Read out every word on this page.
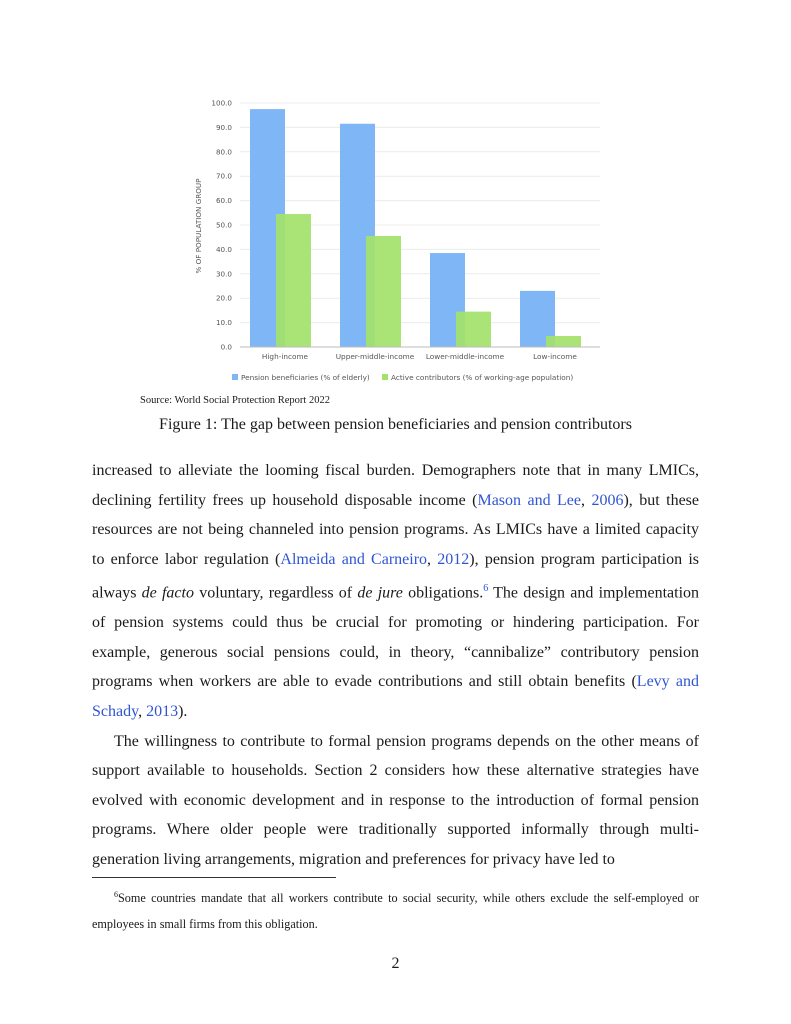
0.0
10.0
20.0
30.0
40.0
50.0
60.0
70.0
80.0
90.0
100.0
% OF POPULATION GROUP
High-income	Upper-middle-income Lower-middle-income	Low-income
Pension beneficiaries (% of elderly)	Active contributors (% of working-age population)
Source: World Social Protection Report 2022
Figure 1: The gap between pension beneficiaries and pension contributors

increased to alleviate the looming fiscal burden. Demographers note that in many LMICs, declining fertility frees up household disposable income (Mason and Lee, 2006), but these resources are not being channeled into pension programs. As LMICs have a limited capacity to enforce labor regulation (Almeida and Carneiro, 2012), pension program participation is always de facto voluntary, regardless of de jure obligations.$^6$ The design and implementation of pension systems could thus be crucial for promoting or hindering participation. For example, generous social pensions could, in theory, “cannibalize” contributory pension programs when workers are able to evade contributions and still obtain benefits (Levy and Schady, 2013).

The willingness to contribute to formal pension programs depends on the other means of support available to households. Section 2 considers how these alternative strategies have evolved with economic development and in response to the introduction of formal pension programs. Where older people were traditionally supported informally through multi-generation living arrangements, migration and preferences for privacy have led to

$^6$Some countries mandate that all workers contribute to social security, while others exclude the self-employed or employees in small firms from this obligation.
2
